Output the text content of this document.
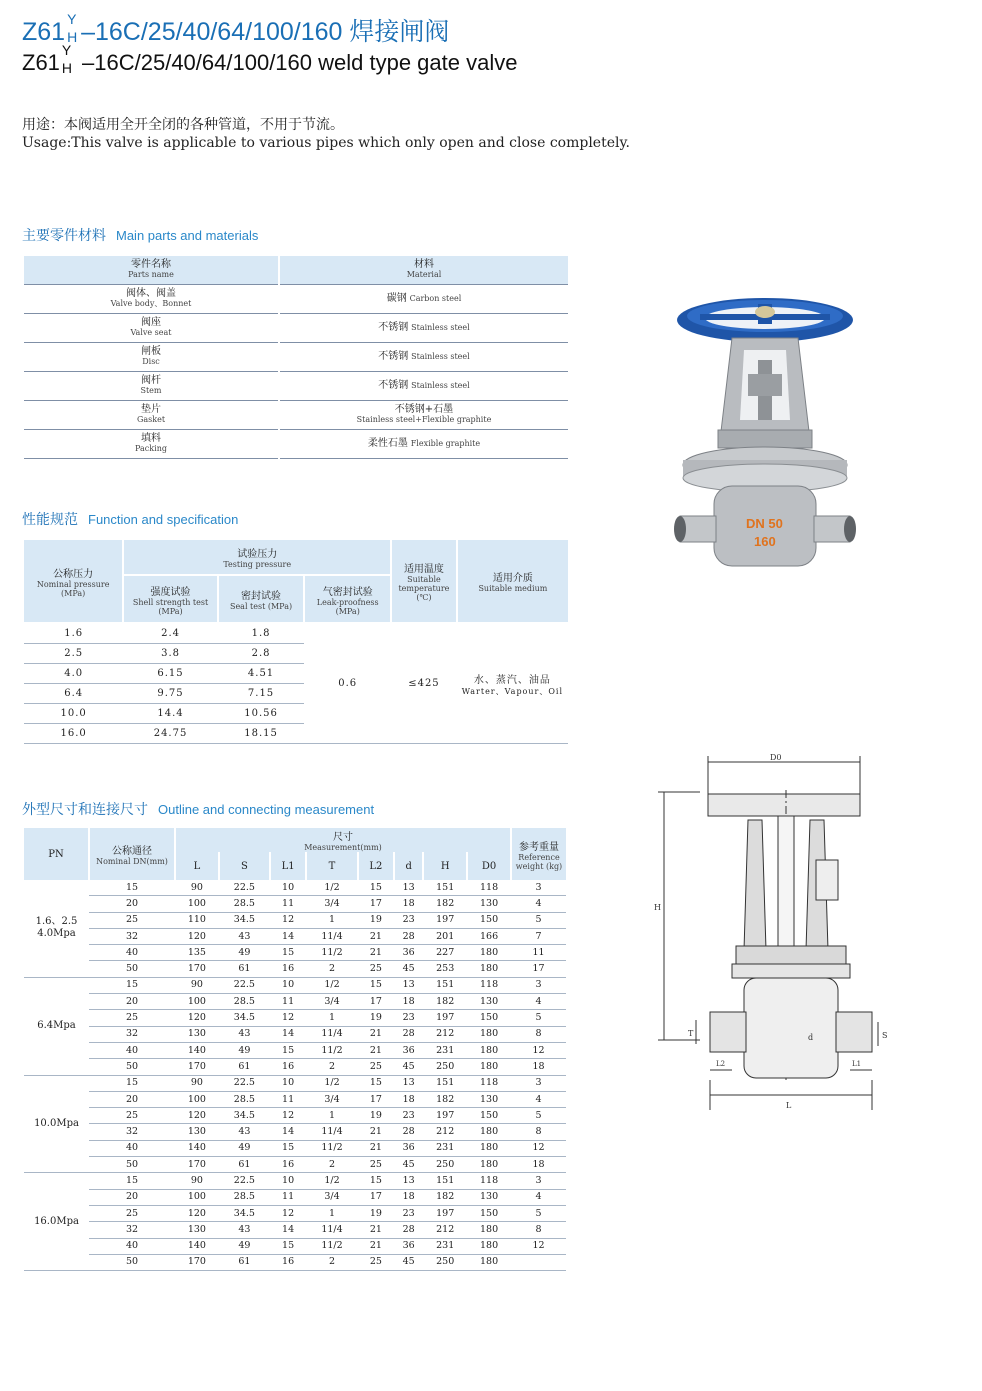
Z61 Y
H –16C/25/40/64/100/160 焊接闸阀
Z61 Y
H –16C/25/40/64/100/160 weld type gate valve
用途：本阀适用全开全闭的各种管道，不用于节流。
Usage:This valve is applicable to various pipes which only open and close completely.
主要零件材料 Main parts and materials
零件名称
Parts name	材料
Material

阀体、阀盖
Valve body、Bonnet	碳钢 Carbon steel

阀座
Valve seat	不锈钢 Stainless steel

闸板
Disc	不锈钢 Stainless steel

阀杆
Stem	不锈钢 Stainless steel

垫片
Gasket	不锈钢+石墨
Stainless steel+Flexible graphite

填料
Packing	柔性石墨 Flexible graphite
性能规范 Function and specification
公称压力
Nominal pressure (MPa)	试验压力
Testing pressure			适用温度
Suitable temperature (℃)	适用介质
Suitable medium

	强度试验
Shell strength test (MPa)	密封试验
Seal test (MPa)	气密封试验
Leak-proofness (MPa)		

1.6	2.4	1.8	0.6	≤425	水、蒸汽、油品
Warter、Vapour、Oil

2.5	3.8	2.8			
4.0	6.15	4.51			
6.4	9.75	7.15			
10.0	14.4	10.56			
16.0	24.75	18.15			
外型尺寸和连接尺寸 Outline and connecting measurement
PN	公称通径
Nominal DN(mm)	尺寸
Measurement(mm)								参考重量
Reference weight (kg)

		L	S	L1	T	L2	d	H	D0	
1.6、2.5 4.0Mpa	15	90	22.5	10	1/2	15	13	151	118	3
	20	100	28.5	11	3/4	17	18	182	130	4
	25	110	34.5	12	1	19	23	197	150	5
	32	120	43	14	11/4	21	28	201	166	7
	40	135	49	15	11/2	21	36	227	180	11
	50	170	61	16	2	25	45	253	180	17
6.4Mpa	15	90	22.5	10	1/2	15	13	151	118	3
	20	100	28.5	11	3/4	17	18	182	130	4
	25	120	34.5	12	1	19	23	197	150	5
	32	130	43	14	11/4	21	28	212	180	8
	40	140	49	15	11/2	21	36	231	180	12
	50	170	61	16	2	25	45	250	180	18
10.0Mpa	15	90	22.5	10	1/2	15	13	151	118	3
	20	100	28.5	11	3/4	17	18	182	130	4
	25	120	34.5	12	1	19	23	197	150	5
	32	130	43	14	11/4	21	28	212	180	8
	40	140	49	15	11/2	21	36	231	180	12
	50	170	61	16	2	25	45	250	180	18
16.0Mpa	15	90	22.5	10	1/2	15	13	151	118	3
	20	100	28.5	11	3/4	17	18	182	130	4
	25	120	34.5	12	1	19	23	197	150	5
	32	130	43	14	11/4	21	28	212	180	8
	40	140	49	15	11/2	21	36	231	180	12
	50	170	61	16	2	25	45	250	180	
DN 50
160
D0
H
T	S
d
L
L1
L2
